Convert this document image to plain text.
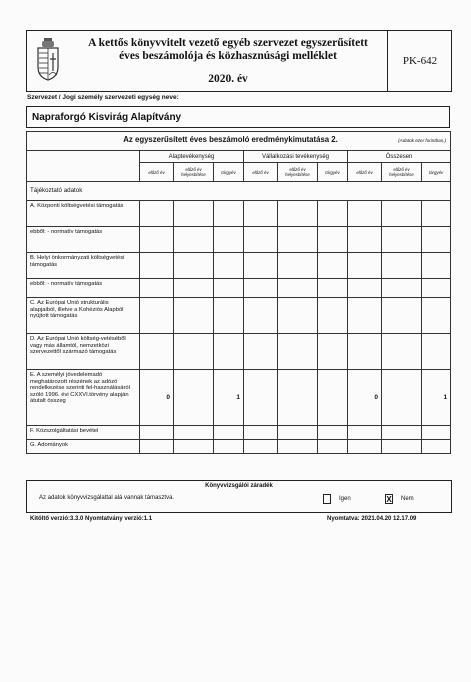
A kettős könyvvitelt vezető egyéb szervezet egyszerűsített
éves beszámolója és közhasznúsági melléklet
2020. év
PK-642
Szervezet / Jogi személy szervezeti egység neve:
Napraforgó Kisvirág Alapítvány
(Adatok ezer forintban.)
Az egyszerűsített éves beszámoló eredménykimutatása 2.									

	Alaptevékenység			Vállalkozási tevékenység			Összesen		
	előző év	előző év helyesbítése	tárgyév	előző év	előző év helyesbítése	tárgyév	előző év	előző év helyesbítése	tárgyév
Tájékoztató adatok									
A. Központi költségvetési támogatás									
ebből: - normatív támogatás									
B. Helyi önkormányzati költségvetési támogatás									
ebből: - normatív támogatás									
C. Az Európai Unió strukturális alapjaiból, illetve a Kohéziós Alapból nyújtott támogatás									
D. Az Európai Unió költség-vetéséből vagy más államtól, nemzetközi szervezettől származó támogatás									
E. A személyi jövedelemadó meghatározott részének az adózó rendelkezése szerinti fel-használásáról szóló 1996. évi CXXVI.törvény alapján átutalt összeg	0		1				0		1
F. Közszolgáltatási bevétel									
G. Adományok									
Könyvvizsgálói záradék
Az adatok könyvvizsgálattal alá vannak támasztva.	Igen	X Nem
Kitöltő verzió:3.3.0 Nyomtatvány verzió:1.1	Nyomtatva: 2021.04.20 12.17.09
